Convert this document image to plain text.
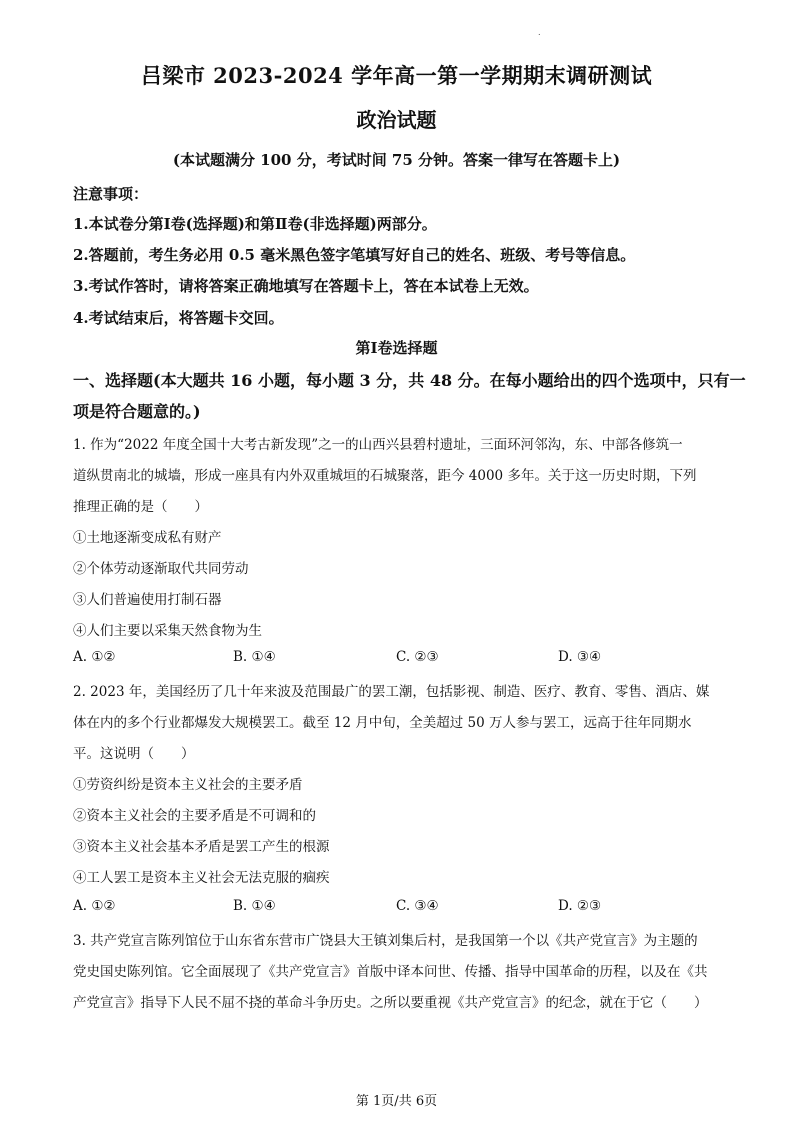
.
吕梁市 2023-2024 学年高一第一学期期末调研测试
政治试题
(本试题满分 100 分，考试时间 75 分钟。答案一律写在答题卡上)
注意事项：
1.本试卷分第Ⅰ卷(选择题)和第Ⅱ卷(非选择题)两部分。
2.答题前，考生务必用 0.5 毫米黑色签字笔填写好自己的姓名、班级、考号等信息。
3.考试作答时，请将答案正确地填写在答题卡上，答在本试卷上无效。
4.考试结束后，将答题卡交回。
第Ⅰ卷选择题
一、选择题(本大题共 16 小题，每小题 3 分，共 48 分。在每小题给出的四个选项中，只有一
项是符合题意的。)
1. 作为“2022 年度全国十大考古新发现”之一的山西兴县碧村遗址，三面环河邻沟，东、中部各修筑一
道纵贯南北的城墙，形成一座具有内外双重城垣的石城聚落，距今 4000 多年。关于这一历史时期，下列
推理正确的是（　　）
①土地逐渐变成私有财产
②个体劳动逐渐取代共同劳动
③人们普遍使用打制石器
④人们主要以采集天然食物为生
A. ①②	B. ①④	C. ②③	D. ③④
2. 2023 年，美国经历了几十年来波及范围最广的罢工潮，包括影视、制造、医疗、教育、零售、酒店、媒
体在内的多个行业都爆发大规模罢工。截至 12 月中旬，全美超过 50 万人参与罢工，远高于往年同期水
平。这说明（　　）
①劳资纠纷是资本主义社会的主要矛盾
②资本主义社会的主要矛盾是不可调和的
③资本主义社会基本矛盾是罢工产生的根源
④工人罢工是资本主义社会无法克服的痼疾
A. ①②	B. ①④	C. ③④	D. ②③
3. 共产党宣言陈列馆位于山东省东营市广饶县大王镇刘集后村，是我国第一个以《共产党宣言》为主题的
党史国史陈列馆。它全面展现了《共产党宣言》首版中译本问世、传播、指导中国革命的历程，以及在《共
产党宣言》指导下人民不屈不挠的革命斗争历史。之所以要重视《共产党宣言》的纪念，就在于它（　　）
第 1页/共 6页
